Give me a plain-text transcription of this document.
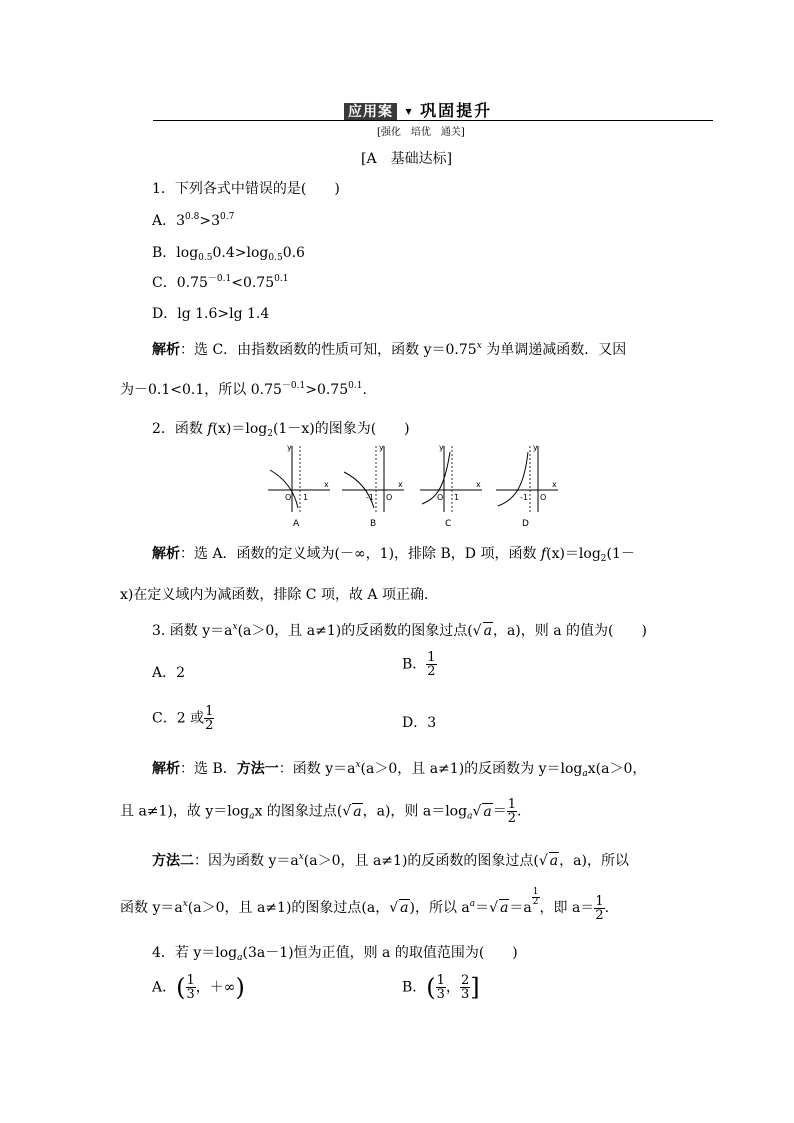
应用案 ▼ 巩固提升
[强化　培优　通关]
[A　基础达标]
1．下列各式中错误的是(　　)
A．$3^{0.8}>3^{0.7}$
B．$\log_{0.5}0.4>\log_{0.5}0.6$
C．$0.75^{-0.1}<0.75^{0.1}$
D．lg 1.6>lg 1.4
解析：选 C．由指数函数的性质可知，函数 $y=0.75^x$ 为单调递减函数．又因
为－0.1<0.1，所以 $0.75^{-0.1}>0.75^{0.1}$.
2．函数 $f(x)=\log_2(1-x)$的图象为(　　)
y
x
O 1
A
y
x
-1 O
B
y
x
O 1
C
y
x
-1 O
D
解析：选 A．函数的定义域为(－∞，1)，排除 B，D 项，函数 $f(x)=\log_2(1-$
x)在定义域内为减函数，排除 C 项，故 A 项正确．
3. 函数 $y=a^x(a>0$，且 a≠1)的反函数的图象过点(√ a，a)，则 a 的值为(　　)
A．2
B． $\frac{1}{2}$
C．2 或 $\frac{1}{2}$	D．3
解析：选 B．方法一：函数 $y=a^x(a>0$，且 a≠1)的反函数为 $y=\log_ax(a>0$，
且 a≠1)，故 $y=\log_ax$ 的图象过点(√ a，a)，则 $a=\log_a√$ $a= \frac{1}{2}$ .
方法二：因为函数 $y=a^x(a>0$，且 a≠1)的反函数的图象过点(√ a，a)，所以
函数 $y=a^x(a>0$，且 a≠1)的图象过点(a，√ a)，所以 $a^a=√$ a＝a
$\frac{1}{2}$
，即 $a= \frac{1}{2}$ .
4．若 $y=\log_a(3a-1)$恒为正值，则 a 的取值范围为(　　)
A．( $\frac{1}{3}$ ，＋∞)	B．( $\frac{1}{3}$ ， $\frac{2}{3}$ ]
